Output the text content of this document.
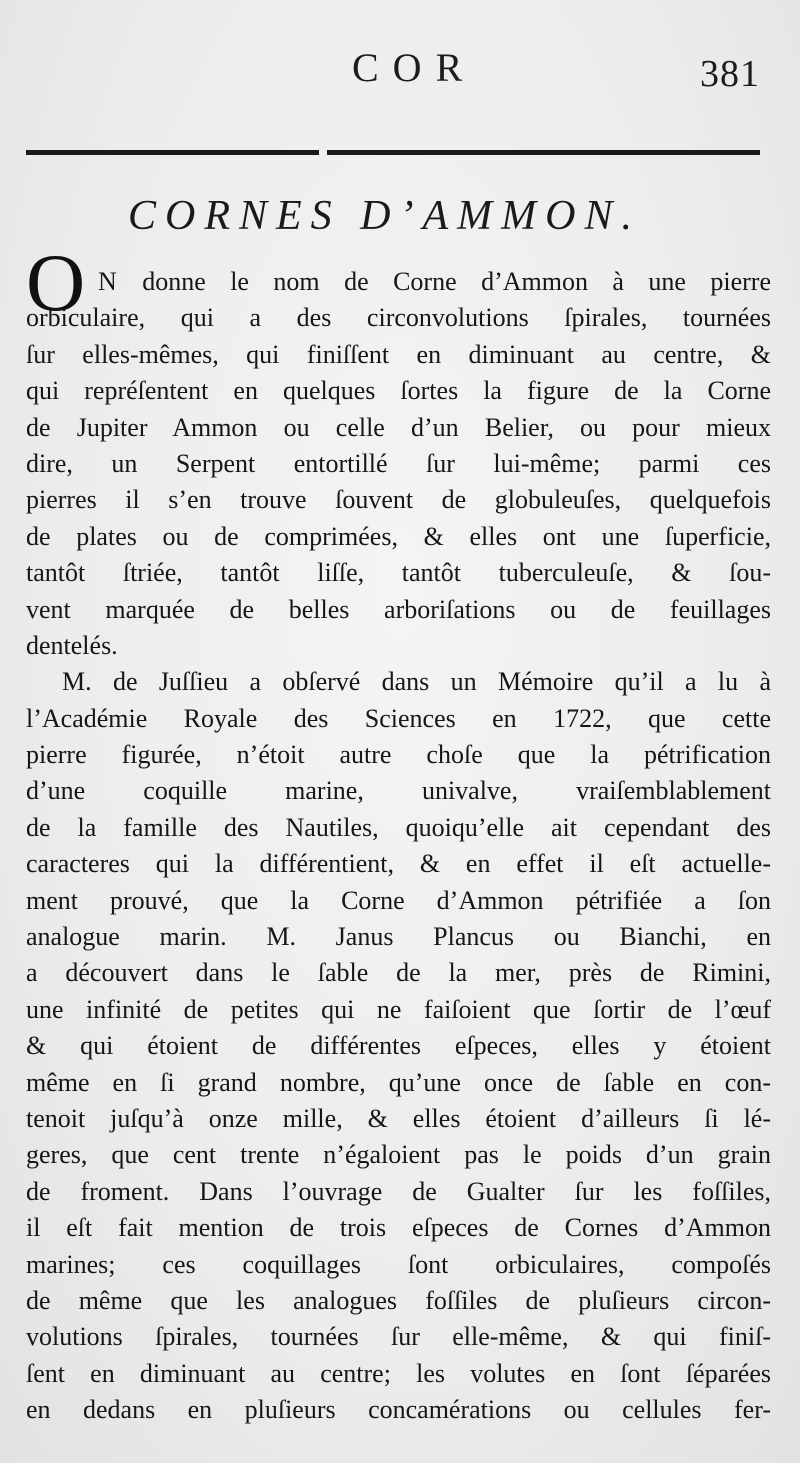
COR	381
CORNES D’AMMON.
O N donne le nom de Corne d’Ammon à une pierre
orbiculaire, qui a des circonvolutions ſpirales, tournées
ſur elles-mêmes, qui finiſſent en diminuant au centre, &
qui repréſentent en quelques ſortes la figure de la Corne
de Jupiter Ammon ou celle d’un Belier, ou pour mieux
dire, un Serpent entortillé ſur lui-même; parmi ces
pierres il s’en trouve ſouvent de globuleuſes, quelquefois
de plates ou de comprimées, & elles ont une ſuperficie,
tantôt ſtriée, tantôt liſſe, tantôt tuberculeuſe, & ſou-
vent marquée de belles arboriſations ou de feuillages
dentelés.
M. de Juſſieu a obſervé dans un Mémoire qu’il a lu à
l’Académie Royale des Sciences en 1722, que cette
pierre figurée, n’étoit autre choſe que la pétrification
d’une coquille marine, univalve, vraiſemblablement
de la famille des Nautiles, quoiqu’elle ait cependant des
caracteres qui la différentient, & en effet il eſt actuelle-
ment prouvé, que la Corne d’Ammon pétrifiée a ſon
analogue marin. M. Janus Plancus ou Bianchi, en
a découvert dans le ſable de la mer, près de Rimini,
une infinité de petites qui ne faiſoient que ſortir de l’œuf
& qui étoient de différentes eſpeces, elles y étoient
même en ſi grand nombre, qu’une once de ſable en con-
tenoit juſqu’à onze mille, & elles étoient d’ailleurs ſi lé-
geres, que cent trente n’égaloient pas le poids d’un grain
de froment. Dans l’ouvrage de Gualter ſur les foſſiles,
il eſt fait mention de trois eſpeces de Cornes d’Ammon
marines; ces coquillages ſont orbiculaires, compoſés
de même que les analogues foſſiles de pluſieurs circon-
volutions ſpirales, tournées ſur elle-même, & qui finiſ-
ſent en diminuant au centre; les volutes en ſont ſéparées
en dedans en pluſieurs concamérations ou cellules fer-
